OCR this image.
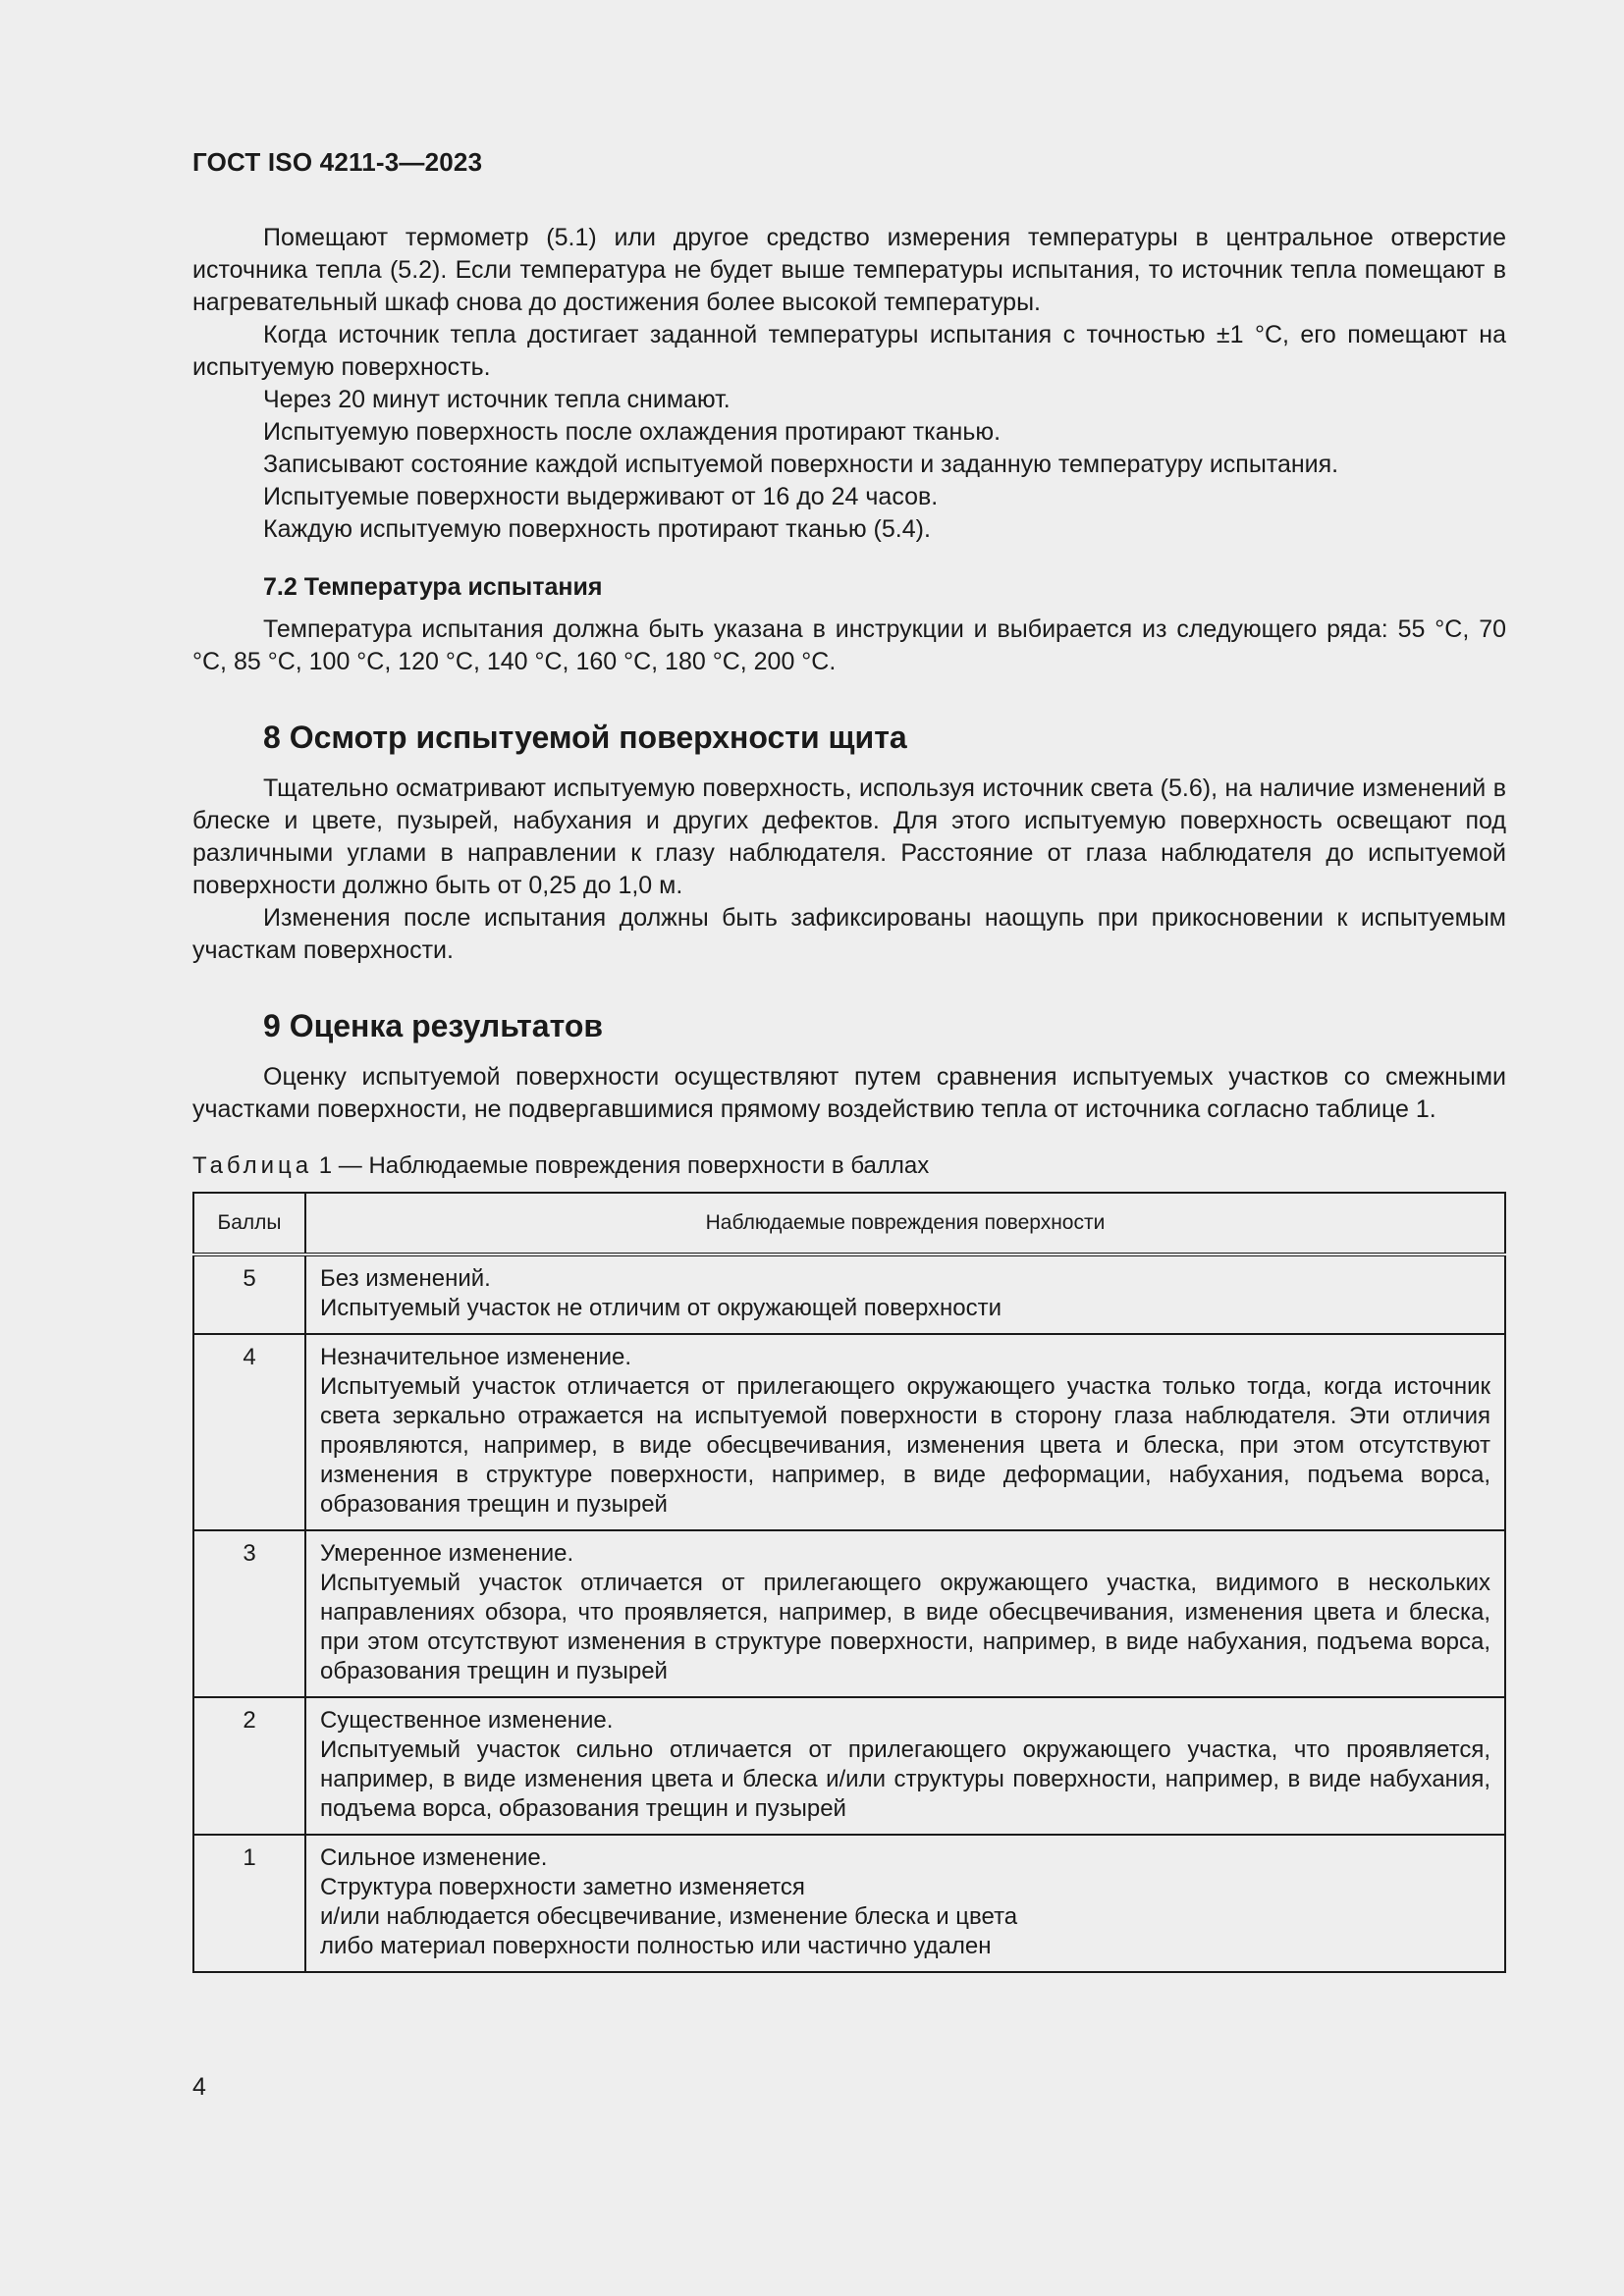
ГОСТ ISO 4211-3—2023

Помещают термометр (5.1) или другое средство измерения температуры в центральное отверстие источника тепла (5.2). Если температура не будет выше температуры испытания, то источник тепла помещают в нагревательный шкаф снова до достижения более высокой температуры.

Когда источник тепла достигает заданной температуры испытания с точностью ±1 °С, его помещают на испытуемую поверхность.

Через 20 минут источник тепла снимают.

Испытуемую поверхность после охлаждения протирают тканью.

Записывают состояние каждой испытуемой поверхности и заданную температуру испытания.

Испытуемые поверхности выдерживают от 16 до 24 часов.

Каждую испытуемую поверхность протирают тканью (5.4).

7.2 Температура испытания

Температура испытания должна быть указана в инструкции и выбирается из следующего ряда: 55 °С, 70 °С, 85 °С, 100 °С, 120 °С, 140 °С, 160 °С, 180 °С, 200 °С.

8 Осмотр испытуемой поверхности щита

Тщательно осматривают испытуемую поверхность, используя источник света (5.6), на наличие изменений в блеске и цвете, пузырей, набухания и других дефектов. Для этого испытуемую поверхность освещают под различными углами в направлении к глазу наблюдателя. Расстояние от глаза наблюдателя до испытуемой поверхности должно быть от 0,25 до 1,0 м.

Изменения после испытания должны быть зафиксированы наощупь при прикосновении к испытуемым участкам поверхности.

9 Оценка результатов

Оценку испытуемой поверхности осуществляют путем сравнения испытуемых участков со смежными участками поверхности, не подвергавшимися прямому воздействию тепла от источника согласно таблице 1.

Таблица 1 — Наблюдаемые повреждения поверхности в баллах

Баллы	Наблюдаемые повреждения поверхности
5	Без изменений.
Испытуемый участок не отличим от окружающей поверхности

4	Незначительное изменение.
Испытуемый участок отличается от прилегающего окружающего участка только тогда, когда источник света зеркально отражается на испытуемой поверхности в сторону глаза наблюдателя. Эти отличия проявляются, например, в виде обесцвечивания, изменения цвета и блеска, при этом отсутствуют изменения в структуре поверхности, например, в виде деформации, набухания, подъема ворса, образования трещин и пузырей

3	Умеренное изменение.
Испытуемый участок отличается от прилегающего окружающего участка, видимого в нескольких направлениях обзора, что проявляется, например, в виде обесцвечивания, изменения цвета и блеска, при этом отсутствуют изменения в структуре поверхности, например, в виде набухания, подъема ворса, образования трещин и пузырей

2	Существенное изменение.
Испытуемый участок сильно отличается от прилегающего окружающего участка, что проявляется, например, в виде изменения цвета и блеска и/или структуры поверхности, например, в виде набухания, подъема ворса, образования трещин и пузырей

1	Сильное изменение.
Структура поверхности заметно изменяется
и/или наблюдается обесцвечивание, изменение блеска и цвета
либо материал поверхности полностью или частично удален
4
